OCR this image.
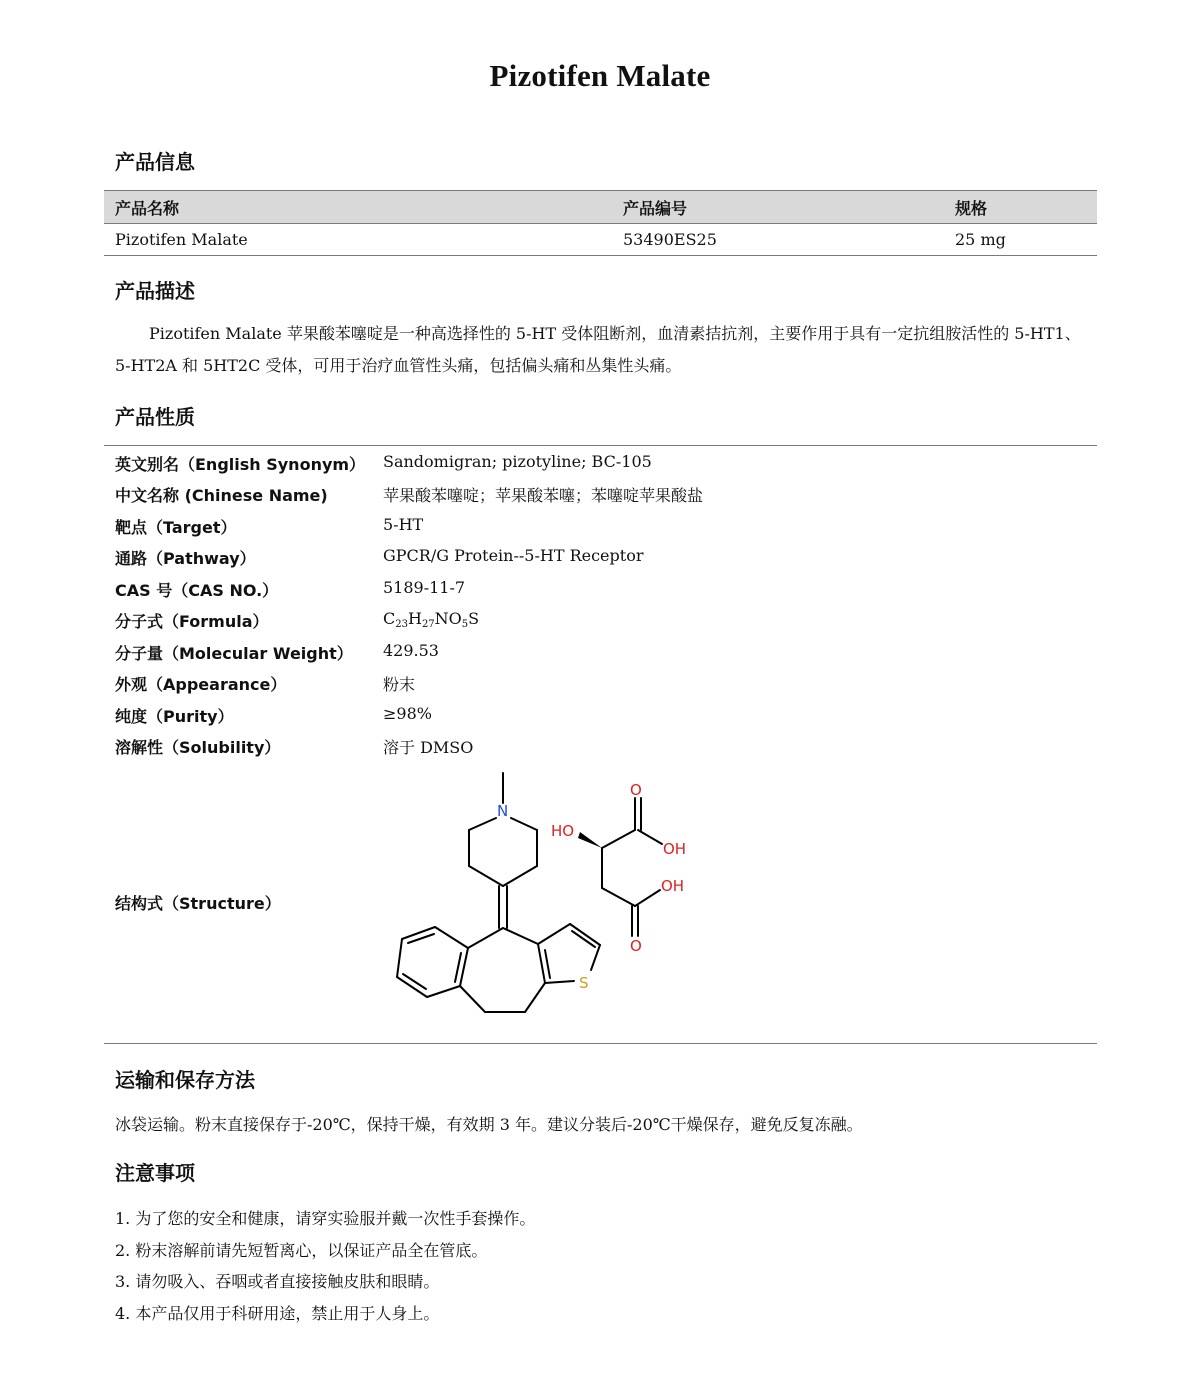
Pizotifen Malate
产品信息
产品名称	产品编号	规格
Pizotifen Malate	53490ES25	25 mg
产品描述
Pizotifen Malate 苹果酸苯噻啶是一种高选择性的 5-HT 受体阻断剂，血清素拮抗剂，主要作用于具有一定抗组胺活性的 5-HT1、5-HT2A 和 5HT2C 受体，可用于治疗血管性头痛，包括偏头痛和丛集性头痛。
产品性质
英文别名（English Synonym） Sandomigran; pizotyline; BC-105
中文名称 (Chinese Name)	苹果酸苯噻啶；苹果酸苯噻；苯噻啶苹果酸盐
靶点（Target）	5-HT
通路（Pathway）	GPCR/G Protein--5-HT Receptor
CAS 号（CAS NO.）	5189-11-7
分子式（Formula）	$C_{23}H_{27}NO_5S$
分子量（Molecular Weight） 429.53
外观（Appearance）	粉末
纯度（Purity）	≥98%
溶解性（Solubility）	溶于 DMSO
结构式（Structure）
N
S
HO
OH
OH
O
O
运输和保存方法
冰袋运输。粉末直接保存于-20℃，保持干燥，有效期 3 年。建议分装后-20℃干燥保存，避免反复冻融。
注意事项
1. 为了您的安全和健康，请穿实验服并戴一次性手套操作。
2. 粉末溶解前请先短暂离心，以保证产品全在管底。
3. 请勿吸入、吞咽或者直接接触皮肤和眼睛。
4. 本产品仅用于科研用途，禁止用于人身上。
